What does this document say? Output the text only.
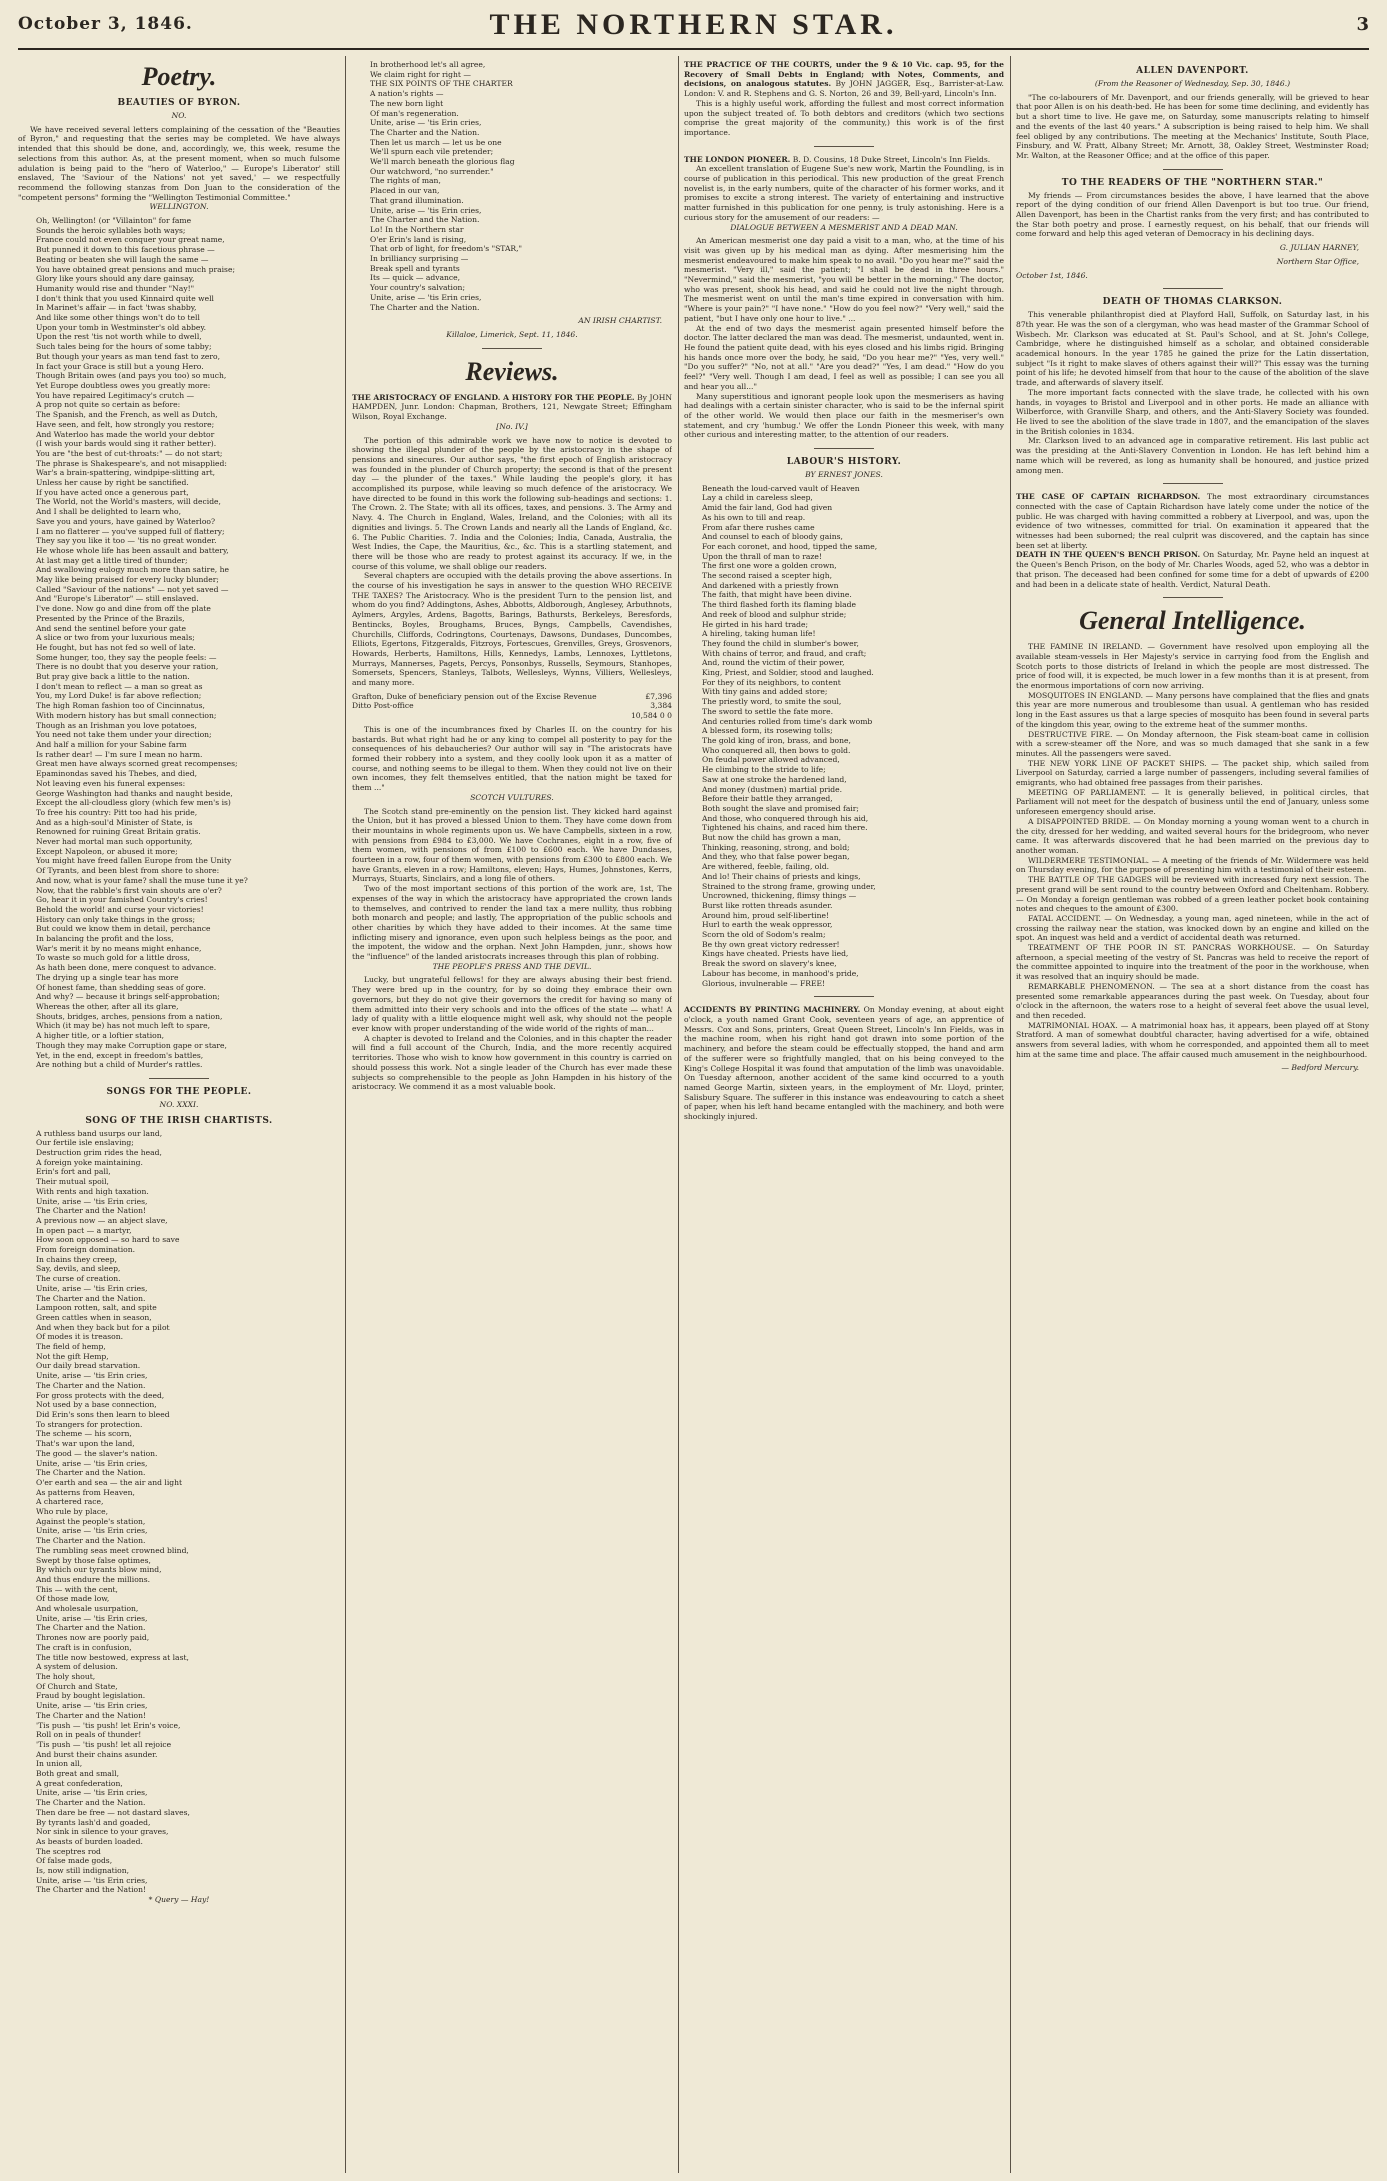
October 3, 1846.	THE NORTHERN STAR.	3
Poetry.
BEAUTIES OF BYRON.
NO.

We have received several letters complaining of the cessation of the "Beauties of Byron," and requesting that the series may be completed. We have always intended that this should be done, and, accordingly, we, this week, resume the selections from this author. As, at the present moment, when so much fulsome adulation is being paid to the "hero of Waterloo," — Europe's Liberator' still enslaved, The 'Saviour of the Nations' not yet saved,' — we respectfully recommend the following stanzas from Don Juan to the consideration of the "competent persons" forming the "Wellington Testimonial Committee."

WELLINGTON.

Oh, Wellington! (or "Villainton" for fame

Sounds the heroic syllables both ways;

France could not even conquer your great name,

But punned it down to this facetious phrase —

Beating or beaten she will laugh the same —

You have obtained great pensions and much praise;

Glory like yours should any dare gainsay,

Humanity would rise and thunder "Nay!"

I don't think that you used Kinnaird quite well

In Marinet's affair — in fact 'twas shabby,

And like some other things won't do to tell

Upon your tomb in Westminster's old abbey.

Upon the rest 'tis not worth while to dwell,

Such tales being for the hours of some tabby;

But though your years as man tend fast to zero,

In fact your Grace is still but a young Hero.

Though Britain owes (and pays you too) so much,

Yet Europe doubtless owes you greatly more:

You have repaired Legitimacy's crutch —

A prop not quite so certain as before:

The Spanish, and the French, as well as Dutch,

Have seen, and felt, how strongly you restore;

And Waterloo has made the world your debtor

(I wish your bards would sing it rather better).

You are "the best of cut-throats:" — do not start;

The phrase is Shakespeare's, and not misapplied:

War's a brain-spattering, windpipe-slitting art,

Unless her cause by right be sanctified.

If you have acted once a generous part,

The World, not the World's masters, will decide,

And I shall be delighted to learn who,

Save you and yours, have gained by Waterloo?

I am no flatterer — you've supped full of flattery;

They say you like it too — 'tis no great wonder.

He whose whole life has been assault and battery,

At last may get a little tired of thunder;

And swallowing eulogy much more than satire, he

May like being praised for every lucky blunder;

Called "Saviour of the nations" — not yet saved —

And "Europe's Liberator" — still enslaved.

I've done. Now go and dine from off the plate

Presented by the Prince of the Brazils,

And send the sentinel before your gate

A slice or two from your luxurious meals;

He fought, but has not fed so well of late.

Some hunger, too, they say the people feels: —

There is no doubt that you deserve your ration,

But pray give back a little to the nation.

I don't mean to reflect — a man so great as

You, my Lord Duke! is far above reflection;

The high Roman fashion too of Cincinnatus,

With modern history has but small connection;

Though as an Irishman you love potatoes,

You need not take them under your direction;

And half a million for your Sabine farm

Is rather dear! — I'm sure I mean no harm.

Great men have always scorned great recompenses;

Epaminondas saved his Thebes, and died,

Not leaving even his funeral expenses:

George Washington had thanks and naught beside,

Except the all-cloudless glory (which few men's is)

To free his country: Pitt too had his pride,

And as a high-soul'd Minister of State, is

Renowned for ruining Great Britain gratis.

Never had mortal man such opportunity,

Except Napoleon, or abused it more;

You might have freed fallen Europe from the Unity

Of Tyrants, and been blest from shore to shore:

And now, what is your fame? shall the muse tune it ye?

Now, that the rabble's first vain shouts are o'er?

Go, hear it in your famished Country's cries!

Behold the world! and curse your victories!

History can only take things in the gross;

But could we know them in detail, perchance

In balancing the profit and the loss,

War's merit it by no means might enhance,

To waste so much gold for a little dross,

As hath been done, mere conquest to advance.

The drying up a single tear has more

Of honest fame, than shedding seas of gore.

And why? — because it brings self-approbation;

Whereas the other, after all its glare,

Shouts, bridges, arches, pensions from a nation,

Which (it may be) has not much left to spare,

A higher title, or a loftier station,

Though they may make Corruption gape or stare,

Yet, in the end, except in freedom's battles,

Are nothing but a child of Murder's rattles.

SONGS FOR THE PEOPLE.
NO. XXXI.
SONG OF THE IRISH CHARTISTS.

A ruthless band usurps our land,

Our fertile isle enslaving;

Destruction grim rides the head,

A foreign yoke maintaining.

Erin's fort and pall,

Their mutual spoil,

With rents and high taxation.

Unite, arise — 'tis Erin cries,

The Charter and the Nation!

A previous now — an abject slave,

In open pact — a martyr,

How soon opposed — so hard to save

From foreign domination.

In chains they creep,

Say, devils, and sleep,

The curse of creation.

Unite, arise — 'tis Erin cries,

The Charter and the Nation.

Lampoon rotten, salt, and spite

Green cattles when in season,

And when they back but for a pilot

Of modes it is treason.

The field of hemp,

Not the gift Hemp,

Our daily bread starvation.

Unite, arise — 'tis Erin cries,

The Charter and the Nation.

For gross protects with the deed,

Not used by a base connection,

Did Erin's sons then learn to bleed

To strangers for protection.

The scheme — his scorn,

That's war upon the land,

The good — the slaver's nation.

Unite, arise — 'tis Erin cries,

The Charter and the Nation.

O'er earth and sea — the air and light

As patterns from Heaven,

A chartered race,

Who rule by place,

Against the people's station,

Unite, arise — 'tis Erin cries,

The Charter and the Nation.

The rumbling seas meet crowned blind,

Swept by those false optimes,

By which our tyrants blow mind,

And thus endure the millions.

This — with the cent,

Of those made low,

And wholesale usurpation,

Unite, arise — 'tis Erin cries,

The Charter and the Nation.

Thrones now are poorly paid,

The craft is in confusion,

The title now bestowed, express at last,

A system of delusion.

The holy shout,

Of Church and State,

Fraud by bought legislation.

Unite, arise — 'tis Erin cries,

The Charter and the Nation!

'Tis push — 'tis push! let Erin's voice,

Roll on in peals of thunder!

'Tis push — 'tis push! let all rejoice

And burst their chains asunder.

In union all,

Both great and small,

A great confederation,

Unite, arise — 'tis Erin cries,

The Charter and the Nation.

Then dare be free — not dastard slaves,

By tyrants lash'd and goaded,

Nor sink in silence to your graves,

As beasts of burden loaded.

The sceptres rod

Of false made gods,

Is, now still indignation,

Unite, arise — 'tis Erin cries,

The Charter and the Nation!

* Query — Hay!

In brotherhood let's all agree,

We claim right for right —

THE SIX POINTS OF THE CHARTER

A nation's rights —

The new born light

Of man's regeneration.

Unite, arise — 'tis Erin cries,

The Charter and the Nation.

Then let us march — let us be one

We'll spurn each vile pretender;

We'll march beneath the glorious flag

Our watchword, "no surrender."

The rights of man,

Placed in our van,

That grand illumination.

Unite, arise — 'tis Erin cries,

The Charter and the Nation.

Lo! In the Northern star

O'er Erin's land is rising,

That orb of light, for freedom's "STAR,"

In brilliancy surprising —

Break spell and tyrants

Its — quick — advance,

Your country's salvation;

Unite, arise — 'tis Erin cries,

The Charter and the Nation.

AN IRISH CHARTIST.
Killaloe, Limerick, Sept. 11, 1846.
Reviews.

THE ARISTOCRACY OF ENGLAND. A HISTORY FOR THE PEOPLE. By JOHN HAMPDEN, Junr. London: Chapman, Brothers, 121, Newgate Street; Effingham Wilson, Royal Exchange.

[No. IV.]

The portion of this admirable work we have now to notice is devoted to showing the illegal plunder of the people by the aristocracy in the shape of pensions and sinecures. Our author says, "the first epoch of English aristocracy was founded in the plunder of Church property; the second is that of the present day — the plunder of the taxes." While lauding the people's glory, it has accomplished its purpose, while leaving so much defence of the aristocracy. We have directed to be found in this work the following sub-headings and sections: 1. The Crown. 2. The State; with all its offices, taxes, and pensions. 3. The Army and Navy. 4. The Church in England, Wales, Ireland, and the Colonies; with all its dignities and livings. 5. The Crown Lands and nearly all the Lands of England, &c. 6. The Public Charities. 7. India and the Colonies; India, Canada, Australia, the West Indies, the Cape, the Mauritius, &c., &c. This is a startling statement, and there will be those who are ready to protest against its accuracy. If we, in the course of this volume, we shall oblige our readers.

Several chapters are occupied with the details proving the above assertions. In the course of his investigation he says in answer to the question WHO RECEIVE THE TAXES? The Aristocracy. Who is the president Turn to the pension list, and whom do you find? Addingtons, Ashes, Abbotts, Aldborough, Anglesey, Arbuthnots, Aylmers, Argyles, Ardens, Bagotts, Barings, Bathursts, Berkeleys, Beresfords, Bentincks, Boyles, Broughams, Bruces, Byngs, Campbells, Cavendishes, Churchills, Cliffords, Codringtons, Courtenays, Dawsons, Dundases, Duncombes, Elliots, Egertons, Fitzgeralds, Fitzroys, Fortescues, Grenvilles, Greys, Grosvenors, Howards, Herberts, Hamiltons, Hills, Kennedys, Lambs, Lennoxes, Lyttletons, Murrays, Mannerses, Pagets, Percys, Ponsonbys, Russells, Seymours, Stanhopes, Somersets, Spencers, Stanleys, Talbots, Wellesleys, Wynns, Villiers, Wellesleys, and many more.

Grafton, Duke of beneficiary pension out of the Excise Revenue	£7,396
Ditto Post-office	3,384
10,584 0 0

This is one of the incumbrances fixed by Charles II. on the country for his bastards. But what right had he or any king to compel all posterity to pay for the consequences of his debaucheries? Our author will say in "The aristocrats have formed their robbery into a system, and they coolly look upon it as a matter of course, and nothing seems to be illegal to them. When they could not live on their own incomes, they felt themselves entitled, that the nation might be taxed for them ..."

SCOTCH VULTURES.

The Scotch stand pre-eminently on the pension list. They kicked hard against the Union, but it has proved a blessed Union to them. They have come down from their mountains in whole regiments upon us. We have Campbells, sixteen in a row, with pensions from £984 to £3,000. We have Cochranes, eight in a row, five of them women, with pensions of from £100 to £600 each. We have Dundases, fourteen in a row, four of them women, with pensions from £300 to £800 each. We have Grants, eleven in a row; Hamiltons, eleven; Hays, Humes, Johnstones, Kerrs, Murrays, Stuarts, Sinclairs, and a long file of others.

Two of the most important sections of this portion of the work are, 1st, The expenses of the way in which the aristocracy have appropriated the crown lands to themselves, and contrived to render the land tax a mere nullity, thus robbing both monarch and people; and lastly, The appropriation of the public schools and other charities by which they have added to their incomes. At the same time inflicting misery and ignorance, even upon such helpless beings as the poor, and the impotent, the widow and the orphan. Next John Hampden, junr., shows how the "influence" of the landed aristocrats increases through this plan of robbing.

THE PEOPLE'S PRESS AND THE DEVIL.

Lucky, but ungrateful fellows! for they are always abusing their best friend. They were bred up in the country, for by so doing they embrace their own governors, but they do not give their governors the credit for having so many of them admitted into their very schools and into the offices of the state — what! A lady of quality with a little eloquence might well ask, why should not the people ever know with proper understanding of the wide world of the rights of man...

A chapter is devoted to Ireland and the Colonies, and in this chapter the reader will find a full account of the Church, India, and the more recently acquired territories. Those who wish to know how government in this country is carried on should possess this work. Not a single leader of the Church has ever made these subjects so comprehensible to the people as John Hampden in his history of the aristocracy. We commend it as a most valuable book.

THE PRACTICE OF THE COURTS, under the 9 & 10 Vic. cap. 95, for the Recovery of Small Debts in England; with Notes, Comments, and decisions, on analogous statutes. By JOHN JAGGER, Esq., Barrister-at-Law. London: V. and R. Stephens and G. S. Norton, 26 and 39, Bell-yard, Lincoln's Inn.

This is a highly useful work, affording the fullest and most correct information upon the subject treated of. To both debtors and creditors (which two sections comprise the great majority of the community,) this work is of the first importance.

THE LONDON PIONEER. B. D. Cousins, 18 Duke Street, Lincoln's Inn Fields.

An excellent translation of Eugene Sue's new work, Martin the Foundling, is in course of publication in this periodical. This new production of the great French novelist is, in the early numbers, quite of the character of his former works, and it promises to excite a strong interest. The variety of entertaining and instructive matter furnished in this publication for one penny, is truly astonishing. Here is a curious story for the amusement of our readers: —

DIALOGUE BETWEEN A MESMERIST AND A DEAD MAN.

An American mesmerist one day paid a visit to a man, who, at the time of his visit was given up by his medical man as dying. After mesmerising him the mesmerist endeavoured to make him speak to no avail. "Do you hear me?" said the mesmerist. "Very ill," said the patient; "I shall be dead in three hours." "Nevermind," said the mesmerist, "you will be better in the morning." The doctor, who was present, shook his head, and said he could not live the night through. The mesmerist went on until the man's time expired in conversation with him. "Where is your pain?" "I have none." "How do you feel now?" "Very well," said the patient, "but I have only one hour to live." ...

At the end of two days the mesmerist again presented himself before the doctor. The latter declared the man was dead. The mesmerist, undaunted, went in. He found the patient quite dead, with his eyes closed and his limbs rigid. Bringing his hands once more over the body, he said, "Do you hear me?" "Yes, very well." "Do you suffer?" "No, not at all." "Are you dead?" "Yes, I am dead." "How do you feel?" "Very well. Though I am dead, I feel as well as possible; I can see you all and hear you all..."

Many superstitious and ignorant people look upon the mesmerisers as having had dealings with a certain sinister character, who is said to be the infernal spirit of the other world. We would then place our faith in the mesmeriser's own statement, and cry 'humbug.' We offer the Londn Pioneer this week, with many other curious and interesting matter, to the attention of our readers.

LABOUR'S HISTORY.
BY ERNEST JONES.

Beneath the loud-carved vault of Heaven

Lay a child in careless sleep,

Amid the fair land, God had given

As his own to till and reap.

From afar there rushes came

And counsel to each of bloody gains,

For each coronet, and hood, tipped the same,

Upon the thrall of man to raze!

The first one wore a golden crown,

The second raised a scepter high,

And darkened with a priestly frown

The faith, that might have been divine.

The third flashed forth its flaming blade

And reek of blood and sulphur stride;

He girted in his hard trade;

A hireling, taking human life!

They found the child in slumber's bower,

With chains of terror, and fraud, and craft;

And, round the victim of their power,

King, Priest, and Soldier, stood and laughed.

For they of its neighbors, to content

With tiny gains and added store;

The priestly word, to smite the soul,

The sword to settle the fate more.

And centuries rolled from time's dark womb

A blessed form, its rosewing tolls;

The gold king of iron, brass, and bone,

Who conquered all, then bows to gold.

On feudal power allowed advanced,

He climbing to the stride to life;

Saw at one stroke the hardened land,

And money (dustmen) martial pride.

Before their battle they arranged,

Both sought the slave and promised fair;

And those, who conquered through his aid,

Tightened his chains, and raced him there.

But now the child has grown a man,

Thinking, reasoning, strong, and bold;

And they, who that false power began,

Are withered, feeble, failing, old.

And lo! Their chains of priests and kings,

Strained to the strong frame, growing under,

Uncrowned, thickening, flimsy things —

Burst like rotten threads asunder.

Around him, proud self-libertine!

Hurl to earth the weak oppressor,

Scorn the old of Sodom's realm;

Be thy own great victory redresser!

Kings have cheated. Priests have lied,

Break the sword on slavery's knee,

Labour has become, in manhood's pride,

Glorious, invulnerable — FREE!

ACCIDENTS BY PRINTING MACHINERY. On Monday evening, at about eight o'clock, a youth named Grant Cook, seventeen years of age, an apprentice of Messrs. Cox and Sons, printers, Great Queen Street, Lincoln's Inn Fields, was in the machine room, when his right hand got drawn into some portion of the machinery, and before the steam could be effectually stopped, the hand and arm of the sufferer were so frightfully mangled, that on his being conveyed to the King's College Hospital it was found that amputation of the limb was unavoidable. On Tuesday afternoon, another accident of the same kind occurred to a youth named George Martin, sixteen years, in the employment of Mr. Lloyd, printer, Salisbury Square. The sufferer in this instance was endeavouring to catch a sheet of paper, when his left hand became entangled with the machinery, and both were shockingly injured.

ALLEN DAVENPORT.
(From the Reasoner of Wednesday, Sep. 30, 1846.)

"The co-labourers of Mr. Davenport, and our friends generally, will be grieved to hear that poor Allen is on his death-bed. He has been for some time declining, and evidently has but a short time to live. He gave me, on Saturday, some manuscripts relating to himself and the events of the last 40 years." A subscription is being raised to help him. We shall feel obliged by any contributions. The meeting at the Mechanics' Institute, South Place, Finsbury, and W. Pratt, Albany Street; Mr. Arnott, 38, Oakley Street, Westminster Road; Mr. Walton, at the Reasoner Office; and at the office of this paper.

TO THE READERS OF THE "NORTHERN STAR."

My friends — From circumstances besides the above, I have learned that the above report of the dying condition of our friend Allen Davenport is but too true. Our friend, Allen Davenport, has been in the Chartist ranks from the very first; and has contributed to the Star both poetry and prose. I earnestly request, on his behalf, that our friends will come forward and help this aged veteran of Democracy in his declining days.

G. JULIAN HARNEY,
Northern Star Office,
October 1st, 1846.
DEATH OF THOMAS CLARKSON.

This venerable philanthropist died at Playford Hall, Suffolk, on Saturday last, in his 87th year. He was the son of a clergyman, who was head master of the Grammar School of Wisbech. Mr. Clarkson was educated at St. Paul's School, and at St. John's College, Cambridge, where he distinguished himself as a scholar, and obtained considerable academical honours. In the year 1785 he gained the prize for the Latin dissertation, subject "Is it right to make slaves of others against their will?" This essay was the turning point of his life; he devoted himself from that hour to the cause of the abolition of the slave trade, and afterwards of slavery itself.

The more important facts connected with the slave trade, he collected with his own hands, in voyages to Bristol and Liverpool and in other ports. He made an alliance with Wilberforce, with Granville Sharp, and others, and the Anti-Slavery Society was founded. He lived to see the abolition of the slave trade in 1807, and the emancipation of the slaves in the British colonies in 1834.

Mr. Clarkson lived to an advanced age in comparative retirement. His last public act was the presiding at the Anti-Slavery Convention in London. He has left behind him a name which will be revered, as long as humanity shall be honoured, and justice prized among men.

THE CASE OF CAPTAIN RICHARDSON. The most extraordinary circumstances connected with the case of Captain Richardson have lately come under the notice of the public. He was charged with having committed a robbery at Liverpool, and was, upon the evidence of two witnesses, committed for trial. On examination it appeared that the witnesses had been suborned; the real culprit was discovered, and the captain has since been set at liberty.

DEATH IN THE QUEEN'S BENCH PRISON. On Saturday, Mr. Payne held an inquest at the Queen's Bench Prison, on the body of Mr. Charles Woods, aged 52, who was a debtor in that prison. The deceased had been confined for some time for a debt of upwards of £200 and had been in a delicate state of health. Verdict, Natural Death.

General Intelligence.

THE FAMINE IN IRELAND. — Government have resolved upon employing all the available steam-vessels in Her Majesty's service in carrying food from the English and Scotch ports to those districts of Ireland in which the people are most distressed. The price of food will, it is expected, be much lower in a few months than it is at present, from the enormous importations of corn now arriving.

MOSQUITOES IN ENGLAND. — Many persons have complained that the flies and gnats this year are more numerous and troublesome than usual. A gentleman who has resided long in the East assures us that a large species of mosquito has been found in several parts of the kingdom this year, owing to the extreme heat of the summer months.

DESTRUCTIVE FIRE. — On Monday afternoon, the Fisk steam-boat came in collision with a screw-steamer off the Nore, and was so much damaged that she sank in a few minutes. All the passengers were saved.

THE NEW YORK LINE OF PACKET SHIPS. — The packet ship, which sailed from Liverpool on Saturday, carried a large number of passengers, including several families of emigrants, who had obtained free passages from their parishes.

MEETING OF PARLIAMENT. — It is generally believed, in political circles, that Parliament will not meet for the despatch of business until the end of January, unless some unforeseen emergency should arise.

A DISAPPOINTED BRIDE. — On Monday morning a young woman went to a church in the city, dressed for her wedding, and waited several hours for the bridegroom, who never came. It was afterwards discovered that he had been married on the previous day to another woman.

WILDERMERE TESTIMONIAL. — A meeting of the friends of Mr. Wildermere was held on Thursday evening, for the purpose of presenting him with a testimonial of their esteem.

THE BATTLE OF THE GADGES will be reviewed with increased fury next session. The present grand will be sent round to the country between Oxford and Cheltenham. Robbery. — On Monday a foreign gentleman was robbed of a green leather pocket book containing notes and cheques to the amount of £300.

FATAL ACCIDENT. — On Wednesday, a young man, aged nineteen, while in the act of crossing the railway near the station, was knocked down by an engine and killed on the spot. An inquest was held and a verdict of accidental death was returned.

TREATMENT OF THE POOR IN ST. PANCRAS WORKHOUSE. — On Saturday afternoon, a special meeting of the vestry of St. Pancras was held to receive the report of the committee appointed to inquire into the treatment of the poor in the workhouse, when it was resolved that an inquiry should be made.

REMARKABLE PHENOMENON. — The sea at a short distance from the coast has presented some remarkable appearances during the past week. On Tuesday, about four o'clock in the afternoon, the waters rose to a height of several feet above the usual level, and then receded.

MATRIMONIAL HOAX. — A matrimonial hoax has, it appears, been played off at Stony Stratford. A man of somewhat doubtful character, having advertised for a wife, obtained answers from several ladies, with whom he corresponded, and appointed them all to meet him at the same time and place. The affair caused much amusement in the neighbourhood.

— Bedford Mercury.
